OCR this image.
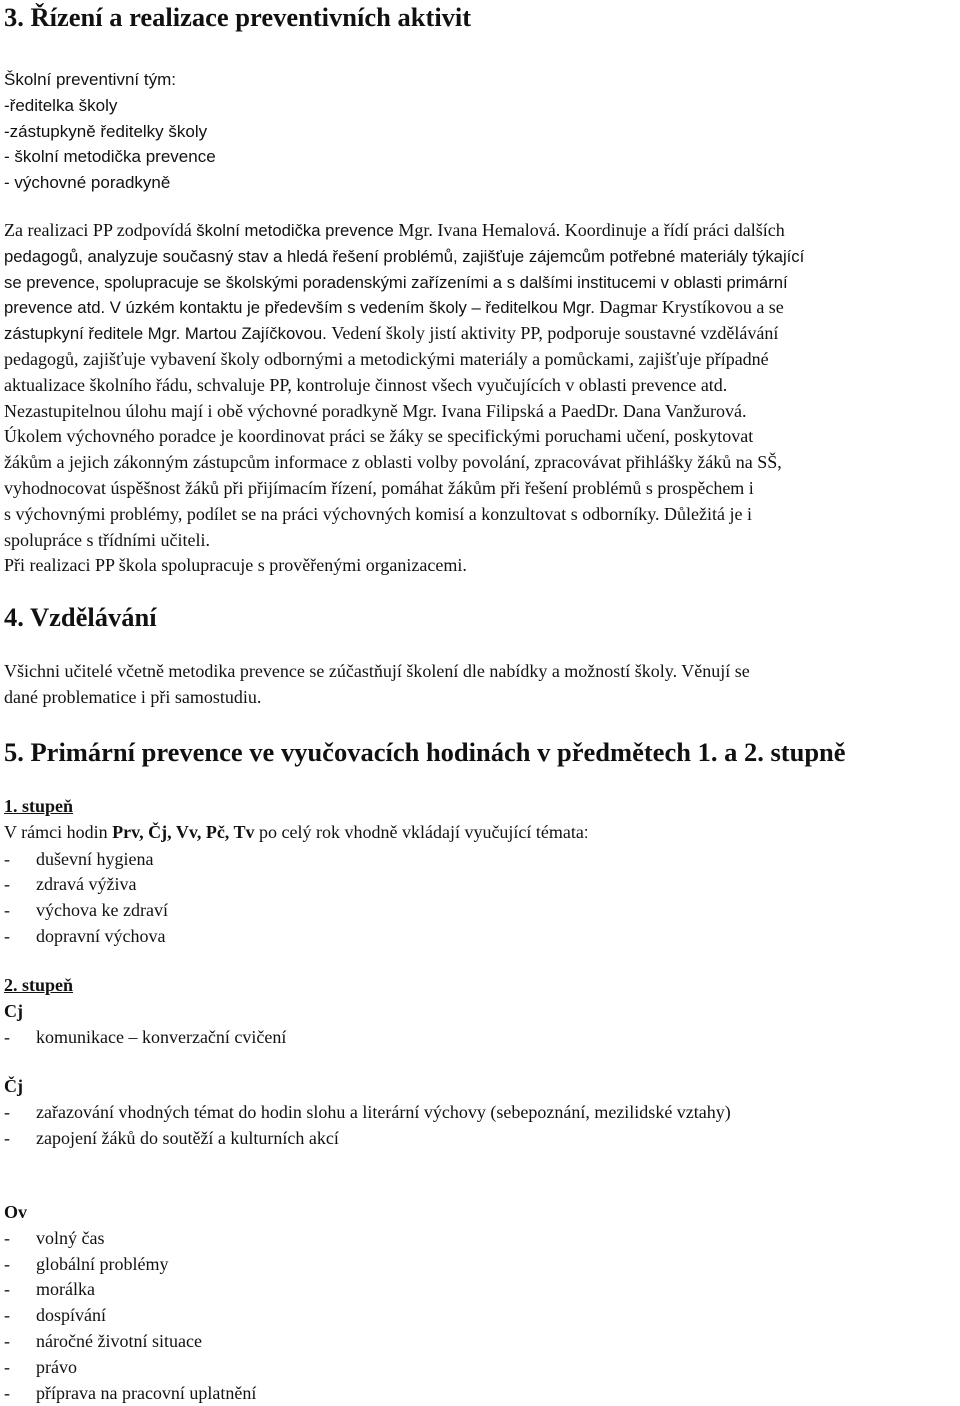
3. Řízení a realizace preventivních aktivit
Školní preventivní tým:
-ředitelka školy
-zástupkyně ředitelky školy
- školní metodička prevence
- výchovné poradkyně
Za realizaci PP zodpovídá školní metodička prevence Mgr. Ivana Hemalová. Koordinuje a řídí práci dalších
pedagogů, analyzuje současný stav a hledá řešení problémů, zajišťuje zájemcům potřebné materiály týkající
se prevence, spolupracuje se školskými poradenskými zařízeními a s dalšími institucemi v oblasti primární
prevence atd. V úzkém kontaktu je především s vedením školy – ředitelkou Mgr. Dagmar Krystíkovou a se
zástupkyní ředitele Mgr. Martou Zajíčkovou. Vedení školy jistí aktivity PP, podporuje soustavné vzdělávání
pedagogů, zajišťuje vybavení školy odbornými a metodickými materiály a pomůckami, zajišťuje případné
aktualizace školního řádu, schvaluje PP, kontroluje činnost všech vyučujících v oblasti prevence atd.
Nezastupitelnou úlohu mají i obě výchovné poradkyně Mgr. Ivana Filipská a PaedDr. Dana Vanžurová.
Úkolem výchovného poradce je koordinovat práci se žáky se specifickými poruchami učení, poskytovat
žákům a jejich zákonným zástupcům informace z oblasti volby povolání, zpracovávat přihlášky žáků na SŠ,
vyhodnocovat úspěšnost žáků při přijímacím řízení, pomáhat žákům při řešení problémů s prospěchem i
s výchovnými problémy, podílet se na práci výchovných komisí a konzultovat s odborníky. Důležitá je i
spolupráce s třídními učiteli.
Při realizaci PP škola spolupracuje s prověřenými organizacemi.
4. Vzdělávání
Všichni učitelé včetně metodika prevence se zúčastňují školení dle nabídky a možností školy. Věnují se
dané problematice i při samostudiu.
5. Primární prevence ve vyučovacích hodinách v předmětech 1. a 2. stupně
1. stupeň
V rámci hodin Prv, Čj, Vv, Pč, Tv po celý rok vhodně vkládají vyučující témata:
- duševní hygiena
- zdravá výživa
- výchova ke zdraví
- dopravní výchova
2. stupeň
Cj
- komunikace – konverzační cvičení
Čj
- zařazování vhodných témat do hodin slohu a literární výchovy (sebepoznání, mezilidské vztahy)
- zapojení žáků do soutěží a kulturních akcí
Ov
- volný čas
- globální problémy
- morálka
- dospívání
- náročné životní situace
- právo
- příprava na pracovní uplatnění
